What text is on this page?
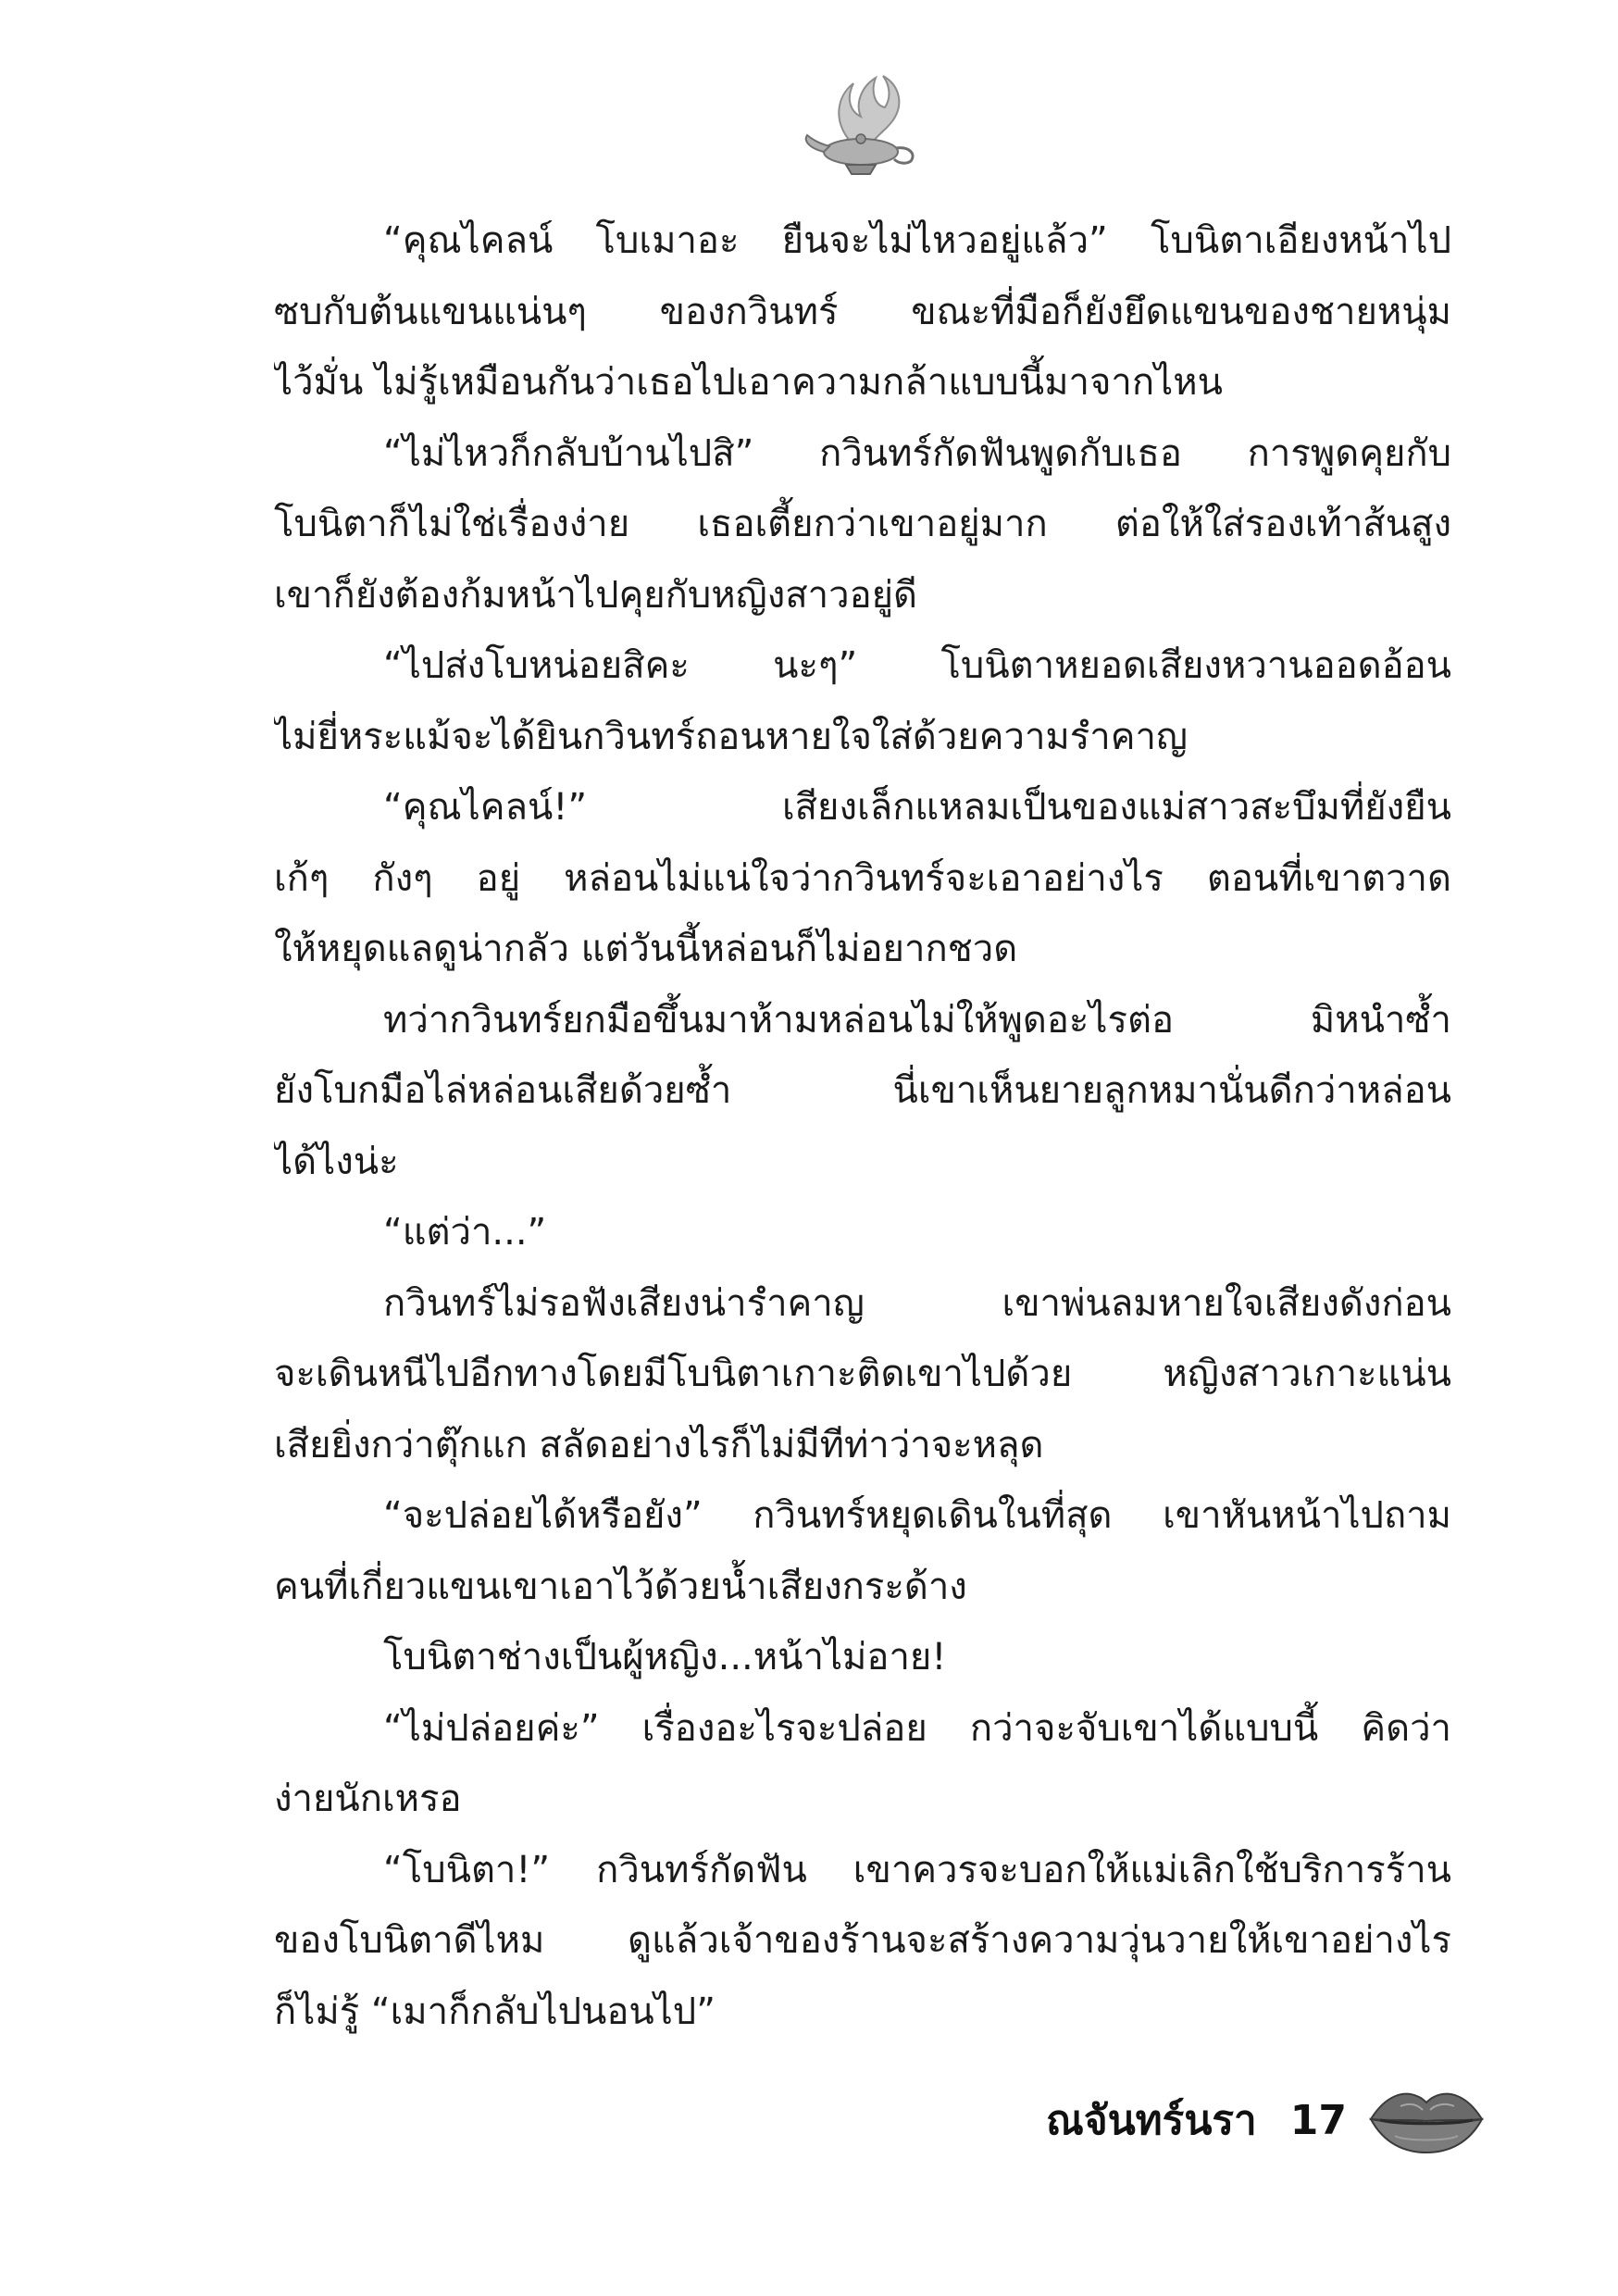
“คุณไคลน์ โบเมาอะ ยืนจะไม่ไหวอยู่แล้ว” โบนิตาเอียงหน้าไป
ซบกับต้นแขนแน่นๆ ของกวินทร์ ขณะที่มือก็ยังยึดแขนของชายหนุ่ม
ไว้มั่น ไม่รู้เหมือนกันว่าเธอไปเอาความกล้าแบบนี้มาจากไหน
“ไม่ไหวก็กลับบ้านไปสิ” กวินทร์กัดฟันพูดกับเธอ การพูดคุยกับ
โบนิตาก็ไม่ใช่เรื่องง่าย เธอเตี้ยกว่าเขาอยู่มาก ต่อให้ใส่รองเท้าส้นสูง
เขาก็ยังต้องก้มหน้าไปคุยกับหญิงสาวอยู่ดี
“ไปส่งโบหน่อยสิคะ นะๆ” โบนิตาหยอดเสียงหวานออดอ้อน
ไม่ยี่หระแม้จะได้ยินกวินทร์ถอนหายใจใส่ด้วยความรำคาญ
“คุณไคลน์!” เสียงเล็กแหลมเป็นของแม่สาวสะบึมที่ยังยืน
เก้ๆ กังๆ อยู่ หล่อนไม่แน่ใจว่ากวินทร์จะเอาอย่างไร ตอนที่เขาตวาด
ให้หยุดแลดูน่ากลัว แต่วันนี้หล่อนก็ไม่อยากชวด
ทว่ากวินทร์ยกมือขึ้นมาห้ามหล่อนไม่ให้พูดอะไรต่อ มิหนำซ้ำ
ยังโบกมือไล่หล่อนเสียด้วยซ้ำ นี่เขาเห็นยายลูกหมานั่นดีกว่าหล่อน
ได้ไงน่ะ
“แต่ว่า...”
กวินทร์ไม่รอฟังเสียงน่ารำคาญ เขาพ่นลมหายใจเสียงดังก่อน
จะเดินหนีไปอีกทางโดยมีโบนิตาเกาะติดเขาไปด้วย หญิงสาวเกาะแน่น
เสียยิ่งกว่าตุ๊กแก สลัดอย่างไรก็ไม่มีทีท่าว่าจะหลุด
“จะปล่อยได้หรือยัง” กวินทร์หยุดเดินในที่สุด เขาหันหน้าไปถาม
คนที่เกี่ยวแขนเขาเอาไว้ด้วยน้ำเสียงกระด้าง
โบนิตาช่างเป็นผู้หญิง...หน้าไม่อาย!
“ไม่ปล่อยค่ะ” เรื่องอะไรจะปล่อย กว่าจะจับเขาได้แบบนี้ คิดว่า
ง่ายนักเหรอ
“โบนิตา!” กวินทร์กัดฟัน เขาควรจะบอกให้แม่เลิกใช้บริการร้าน
ของโบนิตาดีไหม ดูแล้วเจ้าของร้านจะสร้างความวุ่นวายให้เขาอย่างไร
ก็ไม่รู้ “เมาก็กลับไปนอนไป”
ณจันทร์นรา 17
